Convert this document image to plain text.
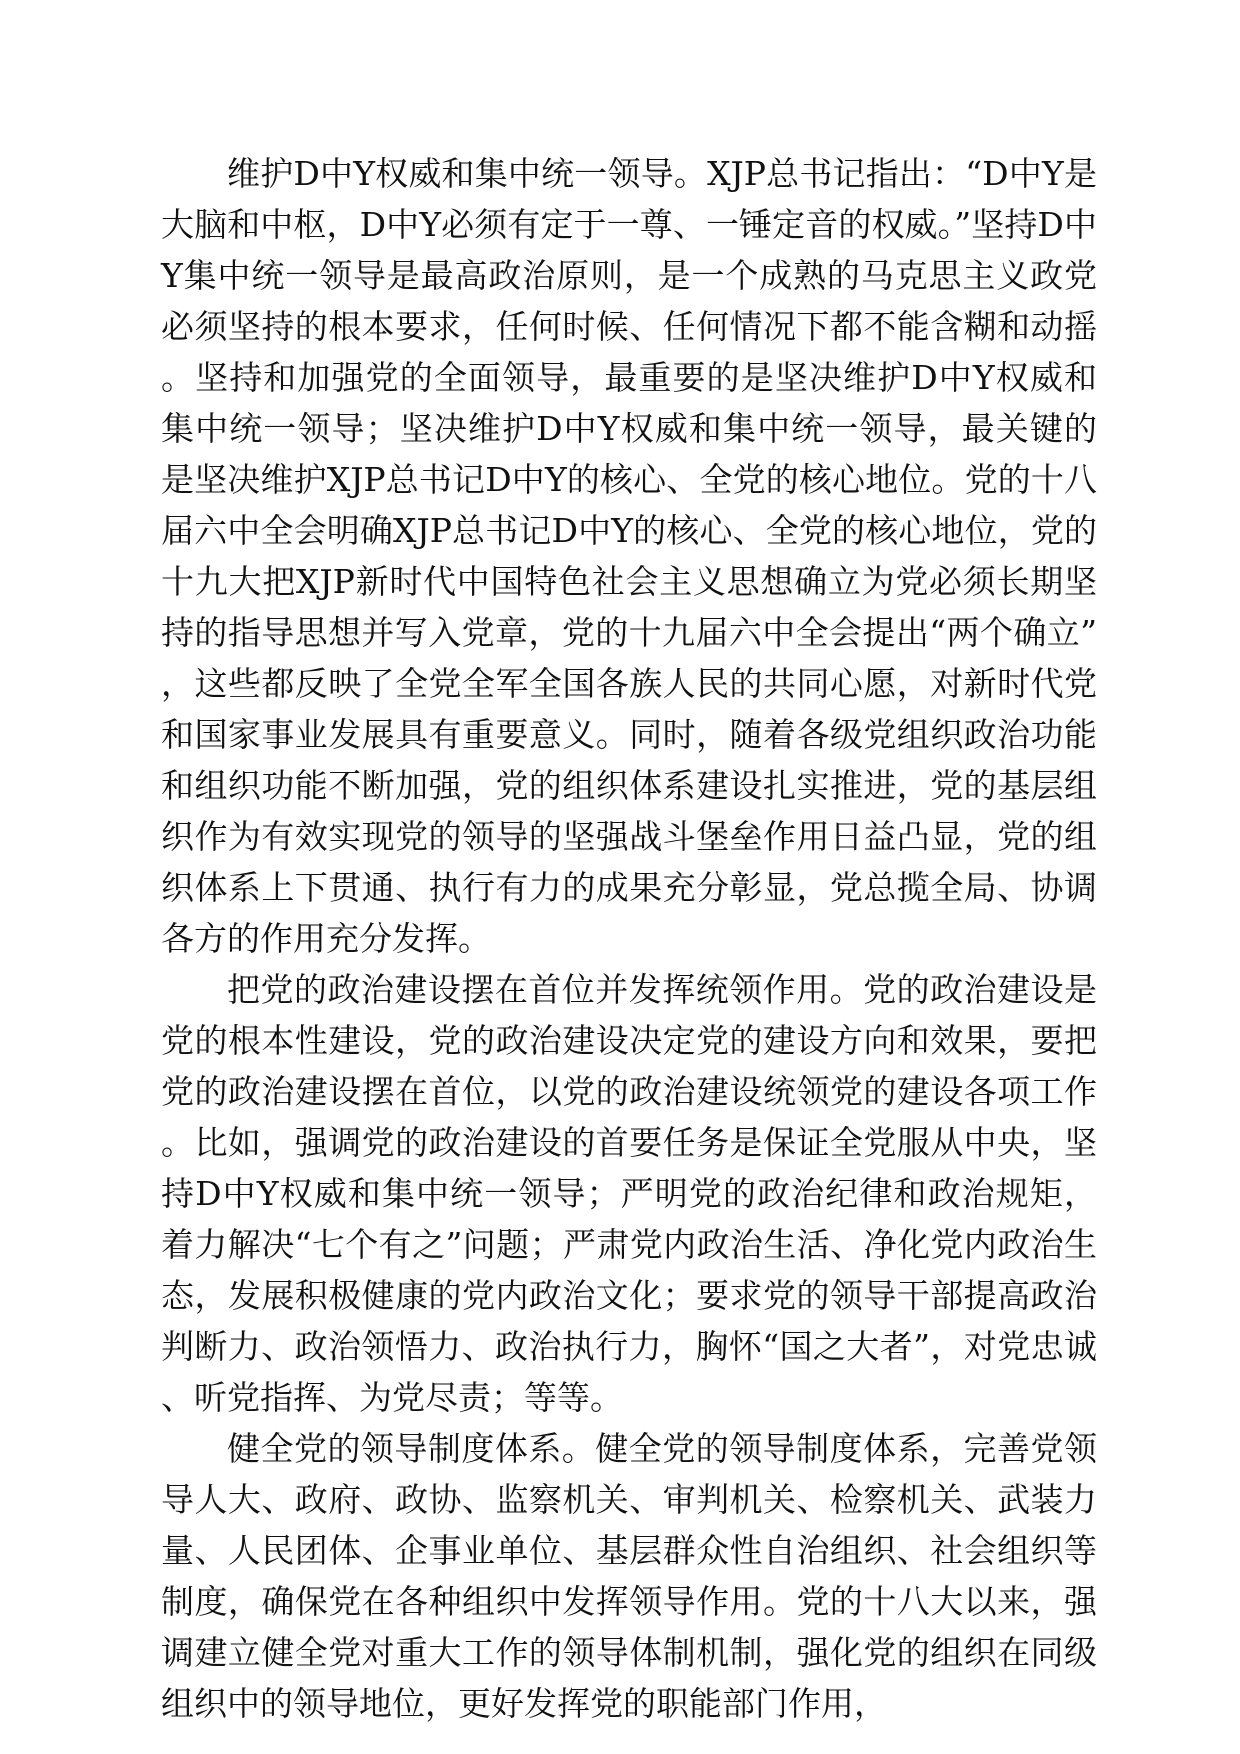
维护D中Y权威和集中统一领导。XJP总书记指出：“D中Y是大脑和中枢，D中Y必须有定于一尊、一锤定音的权威。”坚持D中Y集中统一领导是最高政治原则，是一个成熟的马克思主义政党必须坚持的根本要求，任何时候、任何情况下都不能含糊和动摇。坚持和加强党的全面领导，最重要的是坚决维护D中Y权威和集中统一领导；坚决维护D中Y权威和集中统一领导，最关键的是坚决维护XJP总书记D中Y的核心、全党的核心地位。党的十八届六中全会明确XJP总书记D中Y的核心、全党的核心地位，党的十九大把XJP新时代中国特色社会主义思想确立为党必须长期坚持的指导思想并写入党章，党的十九届六中全会提出“两个确立”，这些都反映了全党全军全国各族人民的共同心愿，对新时代党和国家事业发展具有重要意义。同时，随着各级党组织政治功能和组织功能不断加强，党的组织体系建设扎实推进，党的基层组织作为有效实现党的领导的坚强战斗堡垒作用日益凸显，党的组织体系上下贯通、执行有力的成果充分彰显，党总揽全局、协调各方的作用充分发挥。

把党的政治建设摆在首位并发挥统领作用。党的政治建设是党的根本性建设，党的政治建设决定党的建设方向和效果，要把党的政治建设摆在首位，以党的政治建设统领党的建设各项工作。比如，强调党的政治建设的首要任务是保证全党服从中央，坚持D中Y权威和集中统一领导；严明党的政治纪律和政治规矩，着力解决“七个有之”问题；严肃党内政治生活、净化党内政治生态，发展积极健康的党内政治文化；要求党的领导干部提高政治判断力、政治领悟力、政治执行力，胸怀“国之大者”，对党忠诚、听党指挥、为党尽责；等等。

健全党的领导制度体系。健全党的领导制度体系，完善党领导人大、政府、政协、监察机关、审判机关、检察机关、武装力量、人民团体、企事业单位、基层群众性自治组织、社会组织等制度，确保党在各种组织中发挥领导作用。党的十八大以来，强调建立健全党对重大工作的领导体制机制，强化党的组织在同级组织中的领导地位，更好发挥党的职能部门作用，
